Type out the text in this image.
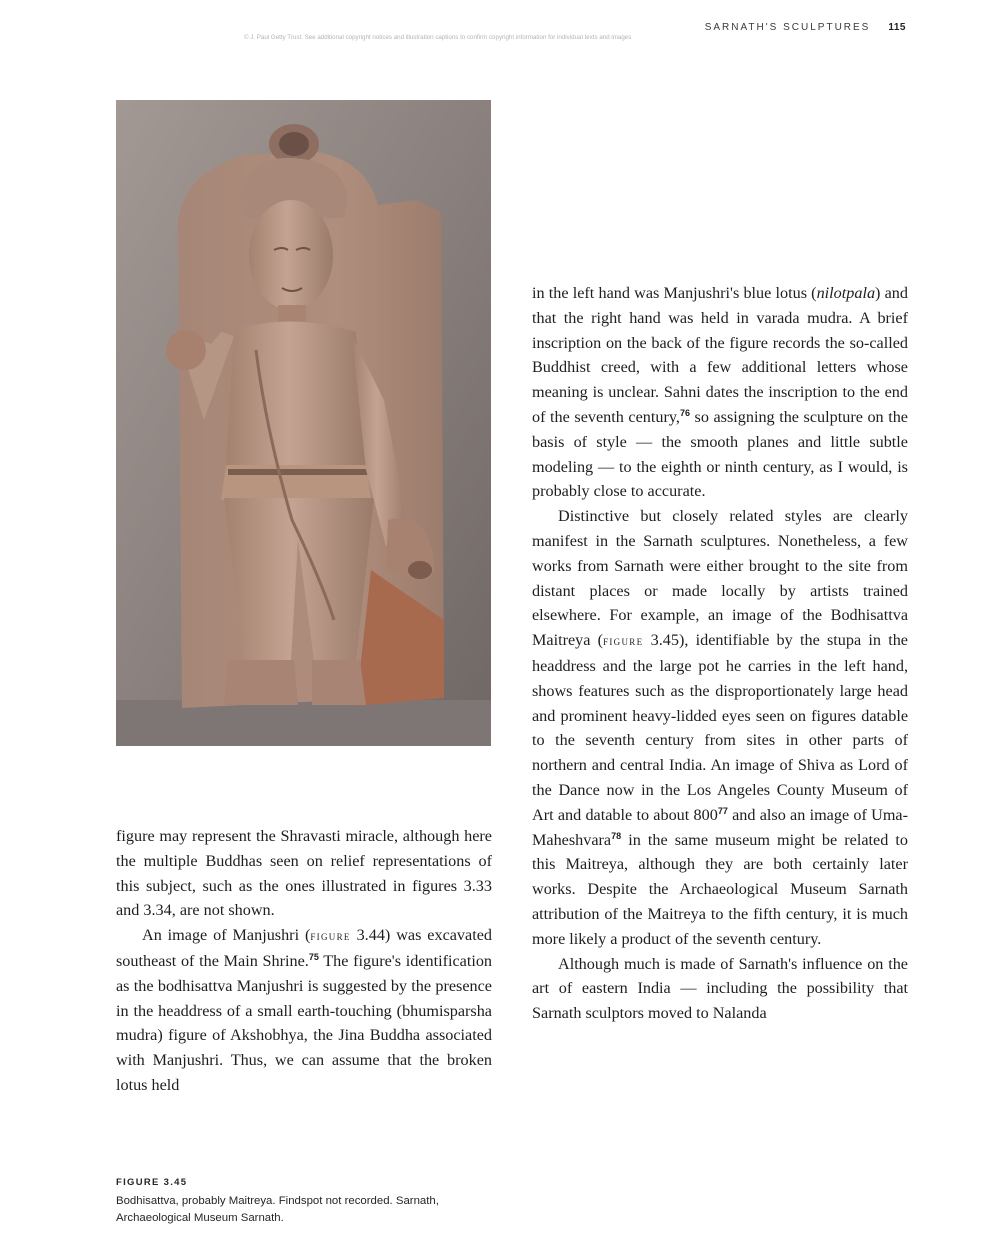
SARNATH'S SCULPTURES 115
© J. Paul Getty Trust: See additional copyright notices and illustration captions to confirm copyright information for individual texts and images

figure may represent the Shravasti miracle, although here the multiple Buddhas seen on relief representations of this subject, such as the ones illustrated in figures 3.33 and 3.34, are not shown.

An image of Manjushri (figure 3.44) was excavated southeast of the Main Shrine.$^{75}$ The figure's identification as the bodhisattva Manjushri is suggested by the presence in the headdress of a small earth-touching (bhumisparsha mudra) figure of Akshobhya, the Jina Buddha associated with Manjushri. Thus, we can assume that the broken lotus held

in the left hand was Manjushri's blue lotus (nilotpala) and that the right hand was held in varada mudra. A brief inscription on the back of the figure records the so-called Buddhist creed, with a few additional letters whose meaning is unclear. Sahni dates the inscription to the end of the seventh century,$^{76}$ so assigning the sculpture on the basis of style — the smooth planes and little subtle modeling — to the eighth or ninth century, as I would, is probably close to accurate.

Distinctive but closely related styles are clearly manifest in the Sarnath sculptures. Nonetheless, a few works from Sarnath were either brought to the site from distant places or made locally by artists trained elsewhere. For example, an image of the Bodhisattva Maitreya (figure 3.45), identifiable by the stupa in the headdress and the large pot he carries in the left hand, shows features such as the disproportionately large head and prominent heavy-lidded eyes seen on figures datable to the seventh century from sites in other parts of northern and central India. An image of Shiva as Lord of the Dance now in the Los Angeles County Museum of Art and datable to about $800^{77}$ and also an image of Uma-Maheshvara$^{78}$ in the same museum might be related to this Maitreya, although they are both certainly later works. Despite the Archaeological Museum Sarnath attribution of the Maitreya to the fifth century, it is much more likely a product of the seventh century.

Although much is made of Sarnath's influence on the art of eastern India — including the possibility that Sarnath sculptors moved to Nalanda

FIGURE 3.45
Bodhisattva, probably Maitreya. Findspot not recorded. Sarnath,
Archaeological Museum Sarnath.
